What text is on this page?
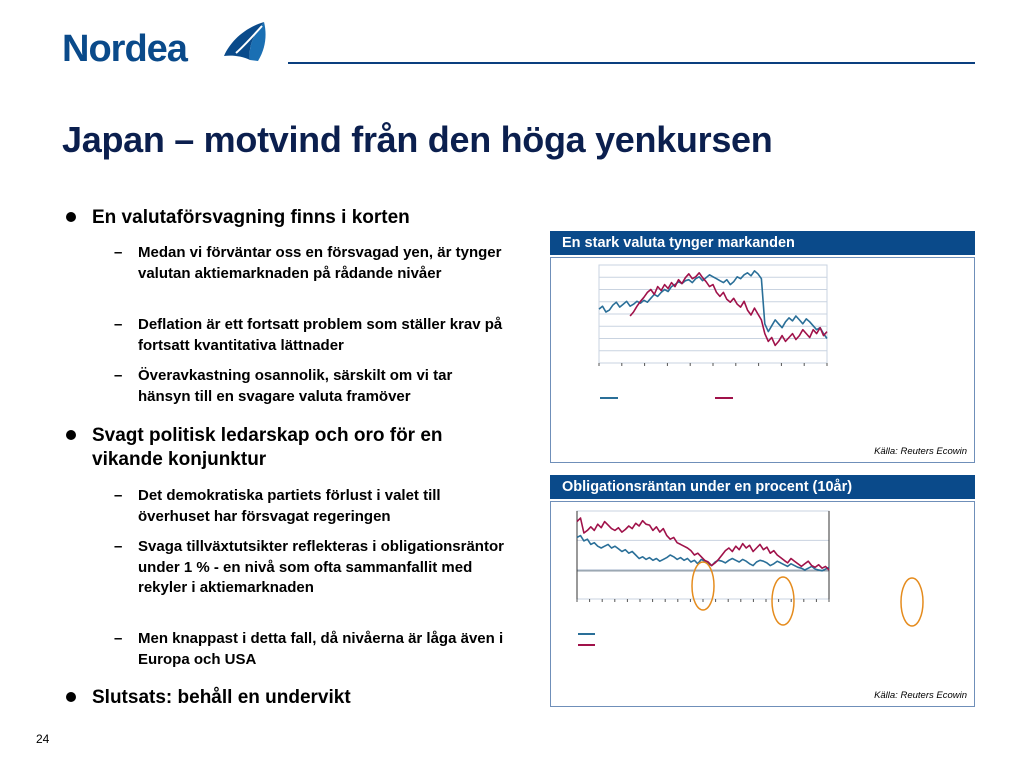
Nordea
Japan – motvind från den höga yenkursen
En valutaförsvagning finns i korten
– Medan vi förväntar oss en försvagad yen, är tynger valutan aktiemarknaden på rådande nivåer
– Deflation är ett fortsatt problem som ställer krav på fortsatt kvantitativa lättnader
– Överavkastning osannolik, särskilt om vi tar hänsyn till en svagare valuta framöver
Svagt politisk ledarskap och oro för en vikande konjunktur
– Det demokratiska partiets förlust i valet till överhuset har försvagat regeringen
– Svaga tillväxtutsikter reflekteras i obligationsräntor under 1 % - en nivå som ofta sammanfallit med rekyler i aktiemarknaden
– Men knappast i detta fall, då nivåerna är låga även i Europa och USA
Slutsats: behåll en undervikt
En stark valuta tynger markanden
Källa: Reuters Ecowin
Obligationsräntan under en procent (10år)
Källa: Reuters Ecowin
24
